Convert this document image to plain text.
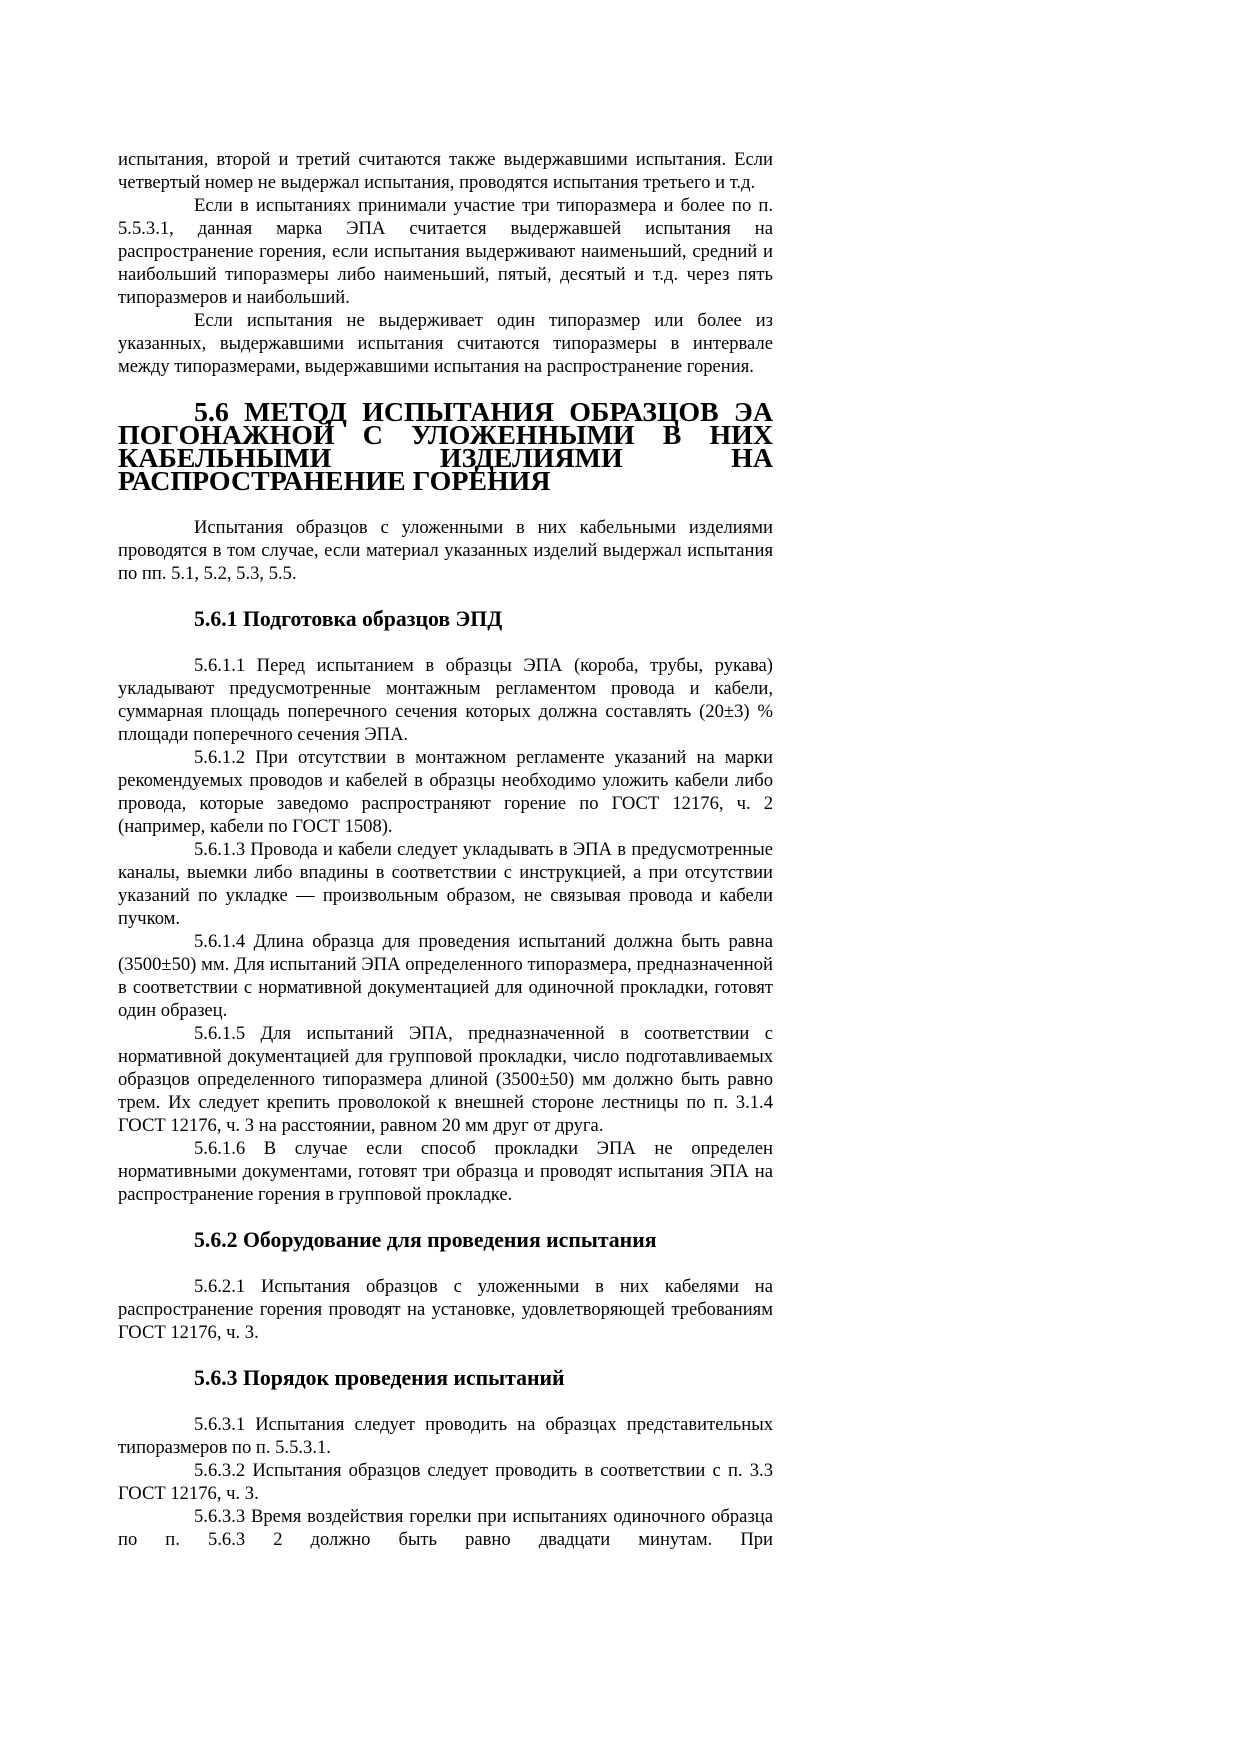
испытания, второй и третий считаются также выдержавшими испытания. Если четвертый номер не выдержал испытания, проводятся испытания третьего и т.д.

Если в испытаниях принимали участие три типоразмера и более по п. 5.5.3.1, данная марка ЭПА считается выдержавшей испытания на распространение горения, если испытания выдерживают наименьший, средний и наибольший типоразмеры либо наименьший, пятый, десятый и т.д. через пять типоразмеров и наибольший.

Если испытания не выдерживает один типоразмер или более из указанных, выдержавшими испытания считаются типоразмеры в интервале между типоразмерами, выдержавшими испытания на распространение горения.

5.6 МЕТОД ИСПЫТАНИЯ ОБРАЗЦОВ ЭА ПОГОНАЖНОЙ С УЛОЖЕННЫМИ В НИХ КАБЕЛЬНЫМИ ИЗДЕЛИЯМИ НА РАСПРОСТРАНЕНИЕ ГОРЕНИЯ

Испытания образцов с уложенными в них кабельными изделиями проводятся в том случае, если материал указанных изделий выдержал испытания по пп. 5.1, 5.2, 5.3, 5.5.

5.6.1 Подготовка образцов ЭПД

5.6.1.1 Перед испытанием в образцы ЭПА (короба, трубы, рукава) укладывают предусмотренные монтажным регламентом провода и кабели, суммарная площадь поперечного сечения которых должна составлять (20±3) % площади поперечного сечения ЭПА.

5.6.1.2 При отсутствии в монтажном регламенте указаний на марки рекомендуемых проводов и кабелей в образцы необходимо уложить кабели либо провода, которые заведомо распространяют горение по ГОСТ 12176, ч. 2 (например, кабели по ГОСТ 1508).

5.6.1.3 Провода и кабели следует укладывать в ЭПА в предусмотренные каналы, выемки либо впадины в соответствии с инструкцией, а при отсутствии указаний по укладке — произвольным образом, не связывая провода и кабели пучком.

5.6.1.4 Длина образца для проведения испытаний должна быть равна (3500±50) мм. Для испытаний ЭПА определенного типоразмера, предназначенной в соответствии с нормативной документацией для одиночной прокладки, готовят один образец.

5.6.1.5 Для испытаний ЭПА, предназначенной в соответствии с нормативной документацией для групповой прокладки, число подготавливаемых образцов определенного типоразмера длиной (3500±50) мм должно быть равно трем. Их следует крепить проволокой к внешней стороне лестницы по п. 3.1.4 ГОСТ 12176, ч. 3 на расстоянии, равном 20 мм друг от друга.

5.6.1.6 В случае если способ прокладки ЭПА не определен нормативными документами, готовят три образца и проводят испытания ЭПА на распространение горения в групповой прокладке.

5.6.2 Оборудование для проведения испытания

5.6.2.1 Испытания образцов с уложенными в них кабелями на распространение горения проводят на установке, удовлетворяющей требованиям ГОСТ 12176, ч. 3.

5.6.3 Порядок проведения испытаний

5.6.3.1 Испытания следует проводить на образцах представительных типоразмеров по п. 5.5.3.1.

5.6.3.2 Испытания образцов следует проводить в соответствии с п. 3.3 ГОСТ 12176, ч. 3.

5.6.3.3 Время воздействия горелки при испытаниях одиночного образца по п. 5.6.3 2 должно быть равно двадцати минутам. При
